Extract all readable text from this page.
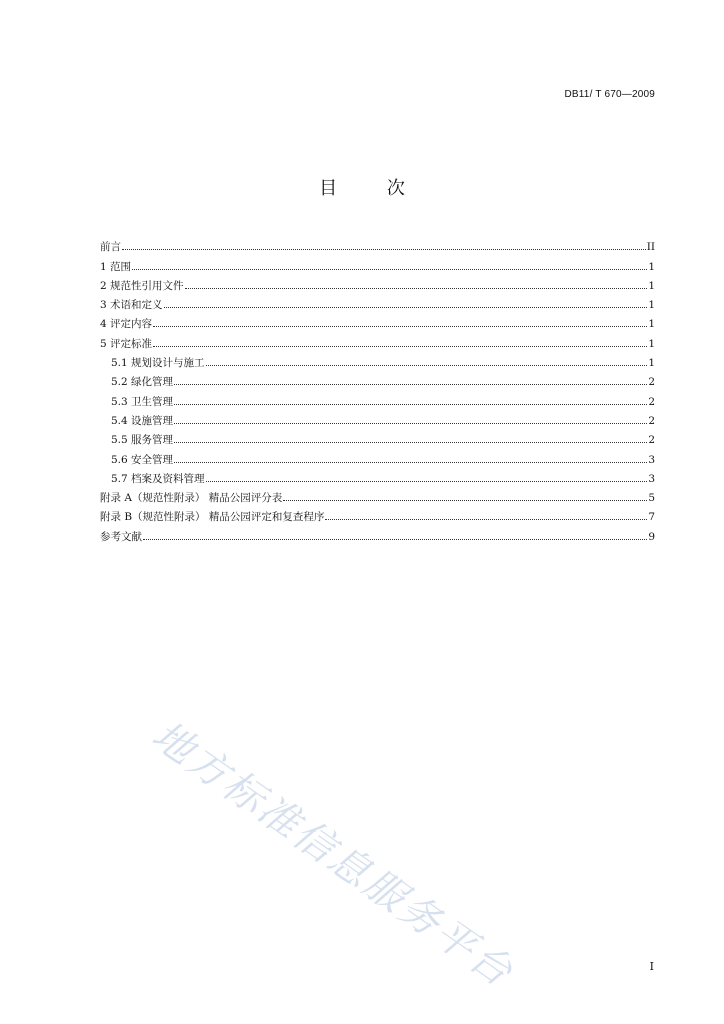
DB11/ T 670—2009
目 次
前言	II
1 范围	1
2 规范性引用文件	1
3 术语和定义	1
4 评定内容	1
5 评定标准	1
5.1 规划设计与施工	1
5.2 绿化管理	2
5.3 卫生管理	2
5.4 设施管理	2
5.5 服务管理	2
5.6 安全管理	3
5.7 档案及资料管理	3
附录 A（规范性附录） 精品公园评分表	5
附录 B（规范性附录） 精品公园评定和复查程序	7
参考文献	9
地方标准信息服务平台	I
